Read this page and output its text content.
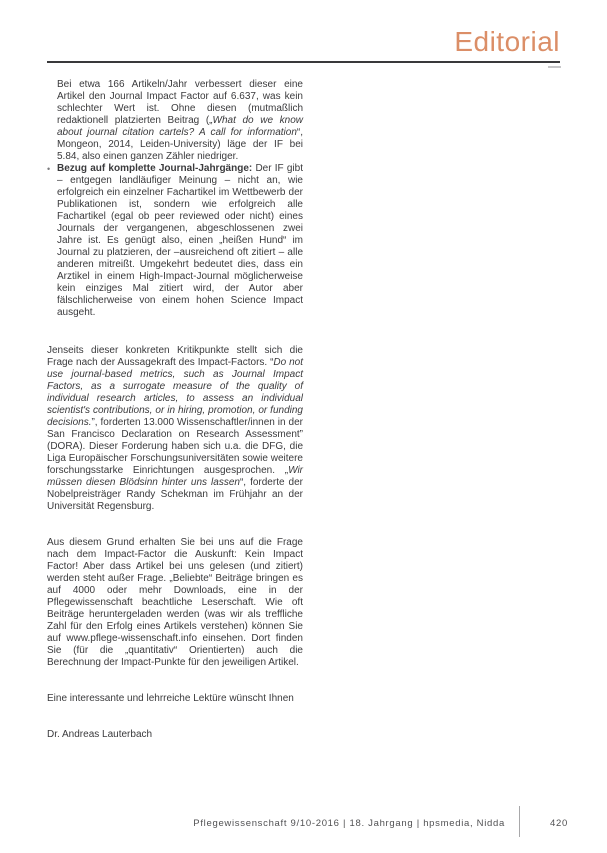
Editorial

Bei etwa 166 Artikeln/Jahr verbessert dieser eine Artikel den Journal Impact Factor auf 6.637, was kein schlechter Wert ist. Ohne diesen (mutmaßlich redaktionell platzierten Beitrag („What do we know about journal citation cartels? A call for information“, Mongeon, 2014, Leiden-University) läge der IF bei 5.84, also einen ganzen Zähler niedriger.

• Bezug auf komplette Journal-Jahrgänge: Der IF gibt – entgegen landläufiger Meinung – nicht an, wie erfolgreich ein einzelner Fachartikel im Wettbewerb der Publikationen ist, sondern wie erfolgreich alle Fachartikel (egal ob peer reviewed oder nicht) eines Journals der vergangenen, abgeschlossenen zwei Jahre ist. Es genügt also, einen „heißen Hund“ im Journal zu platzieren, der –ausreichend oft zitiert – alle anderen mitreißt. Umgekehrt bedeutet dies, dass ein Arztikel in einem High-Impact-Journal möglicherweise kein einziges Mal zitiert wird, der Autor aber fälschlicherweise von einem hohen Science Impact ausgeht.

Jenseits dieser konkreten Kritikpunkte stellt sich die Frage nach der Aussagekraft des Impact-Factors. “Do not use journal-based metrics, such as Journal Impact Factors, as a surrogate measure of the quality of individual research articles, to assess an individual scientist's contributions, or in hiring, promotion, or funding decisions.”, forderten 13.000 Wissenschaftler/innen in der San Francisco Declaration on Research Assessment” (DORA). Dieser Forderung haben sich u.a. die DFG, die Liga Europäischer Forschungsuniversitäten sowie weitere forschungsstarke Einrichtungen ausgesprochen. „Wir müssen diesen Blödsinn hinter uns lassen“, forderte der Nobelpreisträger Randy Schekman im Frühjahr an der Universität Regensburg.

Aus diesem Grund erhalten Sie bei uns auf die Frage nach dem Impact-Factor die Auskunft: Kein Impact Factor! Aber dass Artikel bei uns gelesen (und zitiert) werden steht außer Frage. „Beliebte“ Beiträge bringen es auf 4000 oder mehr Downloads, eine in der Pflegewissenschaft beachtliche Leserschaft. Wie oft Beiträge heruntergeladen werden (was wir als treffliche Zahl für den Erfolg eines Artikels verstehen) können Sie auf www.pflege-wissenschaft.info einsehen. Dort finden Sie (für die „quantitativ“ Orientierten) auch die Berechnung der Impact-Punkte für den jeweiligen Artikel.

Eine interessante und lehrreiche Lektüre wünscht Ihnen

Dr. Andreas Lauterbach

Pflegewissenschaft 9/10-2016 | 18. Jahrgang | hpsmedia, Nidda	420
